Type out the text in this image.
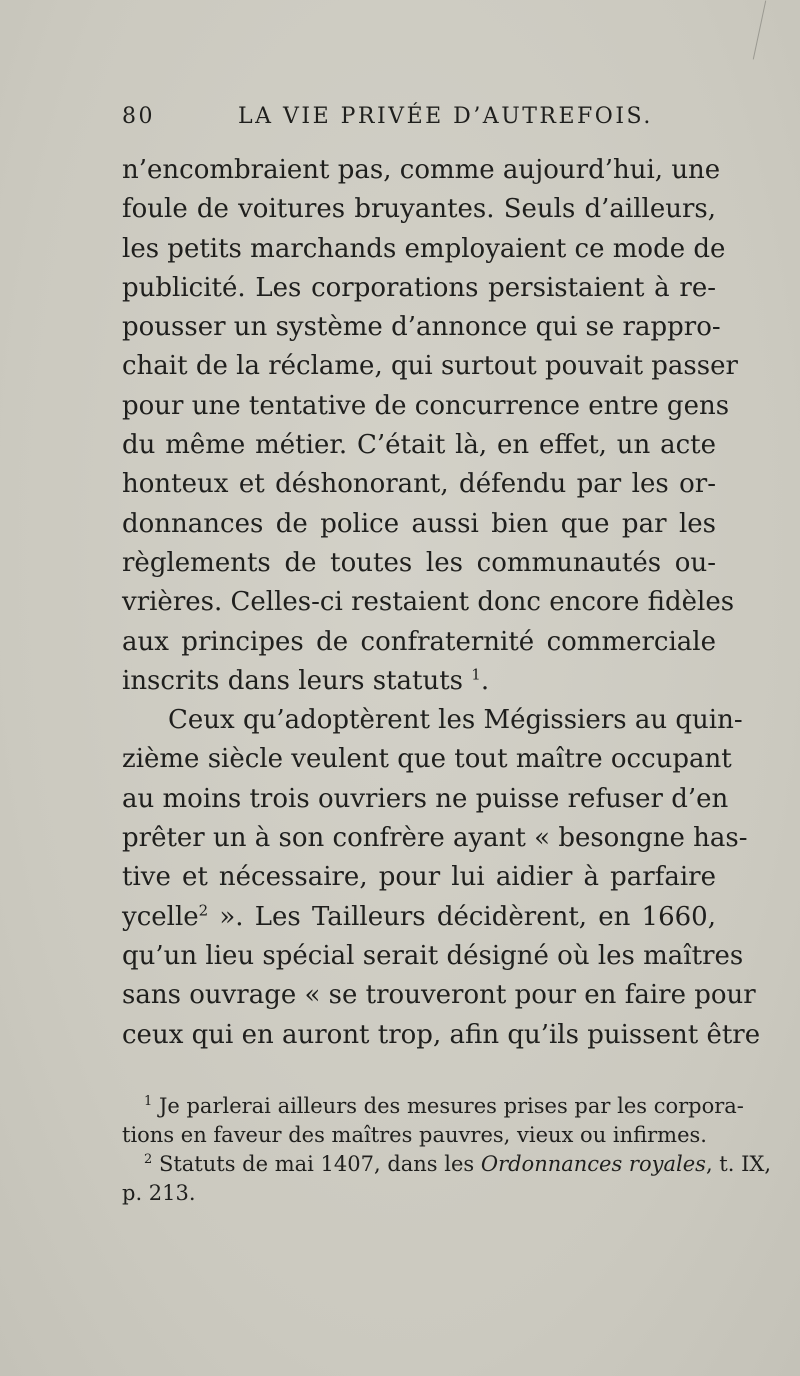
80	LA VIE PRIVÉE D’AUTREFOIS.
n’encombraient pas, comme aujourd’hui, une
foule de voitures bruyantes. Seuls d’ailleurs,
les petits marchands employaient ce mode de
publicité. Les corporations persistaient à re-
pousser un système d’annonce qui se rappro-
chait de la réclame, qui surtout pouvait passer
pour une tentative de concurrence entre gens
du même métier. C’était là, en effet, un acte
honteux et déshonorant, défendu par les or-
donnances de police aussi bien que par les
règlements de toutes les communautés ou-
vrières. Celles-ci restaient donc encore fidèles
aux principes de confraternité commerciale
inscrits dans leurs statuts $^1$.
Ceux qu’adoptèrent les Mégissiers au quin-
zième siècle veulent que tout maître occupant
au moins trois ouvriers ne puisse refuser d’en
prêter un à son confrère ayant « besongne has-
tive et nécessaire, pour lui aidier à parfaire
ycelle$^2$ ». Les Tailleurs décidèrent, en 1660,
qu’un lieu spécial serait désigné où les maîtres
sans ouvrage « se trouveront pour en faire pour
ceux qui en auront trop, afin qu’ils puissent être
$^1$ Je parlerai ailleurs des mesures prises par les corpora-
tions en faveur des maîtres pauvres, vieux ou infirmes.
$^2$ Statuts de mai 1407, dans les Ordonnances royales, t. IX,
p. 213.
